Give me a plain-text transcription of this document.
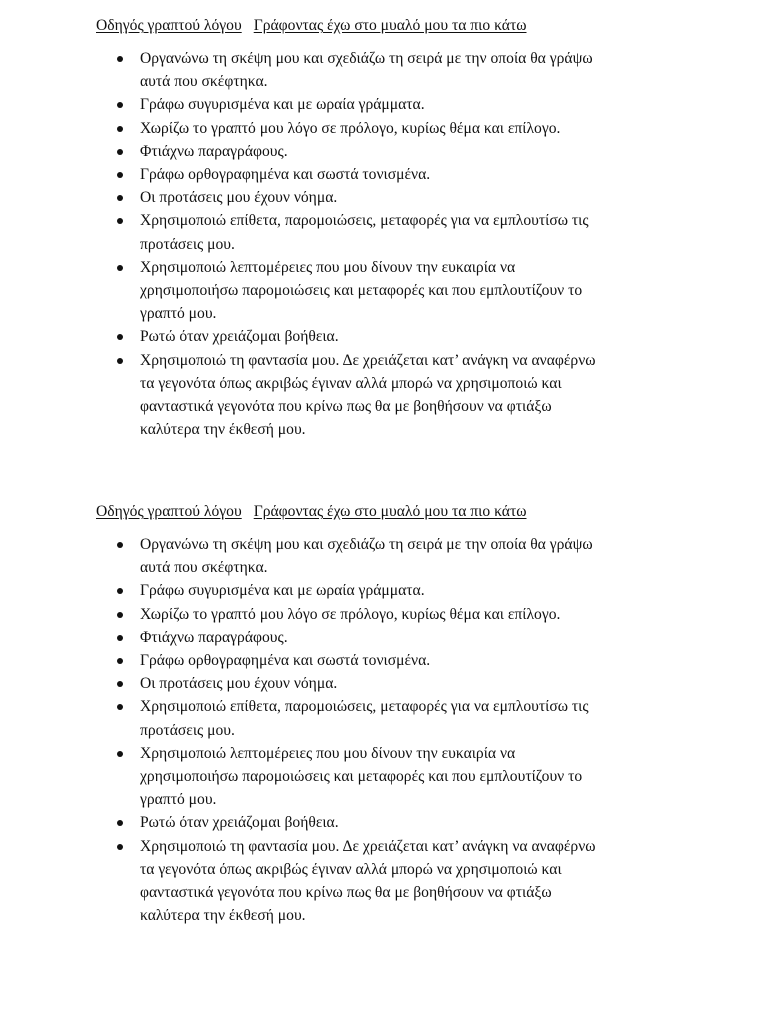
Οδηγός γραπτού λόγου Γράφοντας έχω στο μυαλό μου τα πιο κάτω

Οργανώνω τη σκέψη μου και σχεδιάζω τη σειρά με την οποία θα γράψω αυτά που σκέφτηκα.
Γράφω συγυρισμένα και με ωραία γράμματα.
Χωρίζω το γραπτό μου λόγο σε πρόλογο, κυρίως θέμα και επίλογο.
Φτιάχνω παραγράφους.
Γράφω ορθογραφημένα και σωστά τονισμένα.
Οι προτάσεις μου έχουν νόημα.
Χρησιμοποιώ επίθετα, παρομοιώσεις, μεταφορές για να εμπλουτίσω τις προτάσεις μου.
Χρησιμοποιώ λεπτομέρειες που μου δίνουν την ευκαιρία να χρησιμοποιήσω παρομοιώσεις και μεταφορές και που εμπλουτίζουν το γραπτό μου.
Ρωτώ όταν χρειάζομαι βοήθεια.
Χρησιμοποιώ τη φαντασία μου. Δε χρειάζεται κατ’ ανάγκη να αναφέρνω τα γεγονότα όπως ακριβώς έγιναν αλλά μπορώ να χρησιμοποιώ και φανταστικά γεγονότα που κρίνω πως θα με βοηθήσουν να φτιάξω καλύτερα την έκθεσή μου.

Οδηγός γραπτού λόγου Γράφοντας έχω στο μυαλό μου τα πιο κάτω

Οργανώνω τη σκέψη μου και σχεδιάζω τη σειρά με την οποία θα γράψω αυτά που σκέφτηκα.
Γράφω συγυρισμένα και με ωραία γράμματα.
Χωρίζω το γραπτό μου λόγο σε πρόλογο, κυρίως θέμα και επίλογο.
Φτιάχνω παραγράφους.
Γράφω ορθογραφημένα και σωστά τονισμένα.
Οι προτάσεις μου έχουν νόημα.
Χρησιμοποιώ επίθετα, παρομοιώσεις, μεταφορές για να εμπλουτίσω τις προτάσεις μου.
Χρησιμοποιώ λεπτομέρειες που μου δίνουν την ευκαιρία να χρησιμοποιήσω παρομοιώσεις και μεταφορές και που εμπλουτίζουν το γραπτό μου.
Ρωτώ όταν χρειάζομαι βοήθεια.
Χρησιμοποιώ τη φαντασία μου. Δε χρειάζεται κατ’ ανάγκη να αναφέρνω τα γεγονότα όπως ακριβώς έγιναν αλλά μπορώ να χρησιμοποιώ και φανταστικά γεγονότα που κρίνω πως θα με βοηθήσουν να φτιάξω καλύτερα την έκθεσή μου.
